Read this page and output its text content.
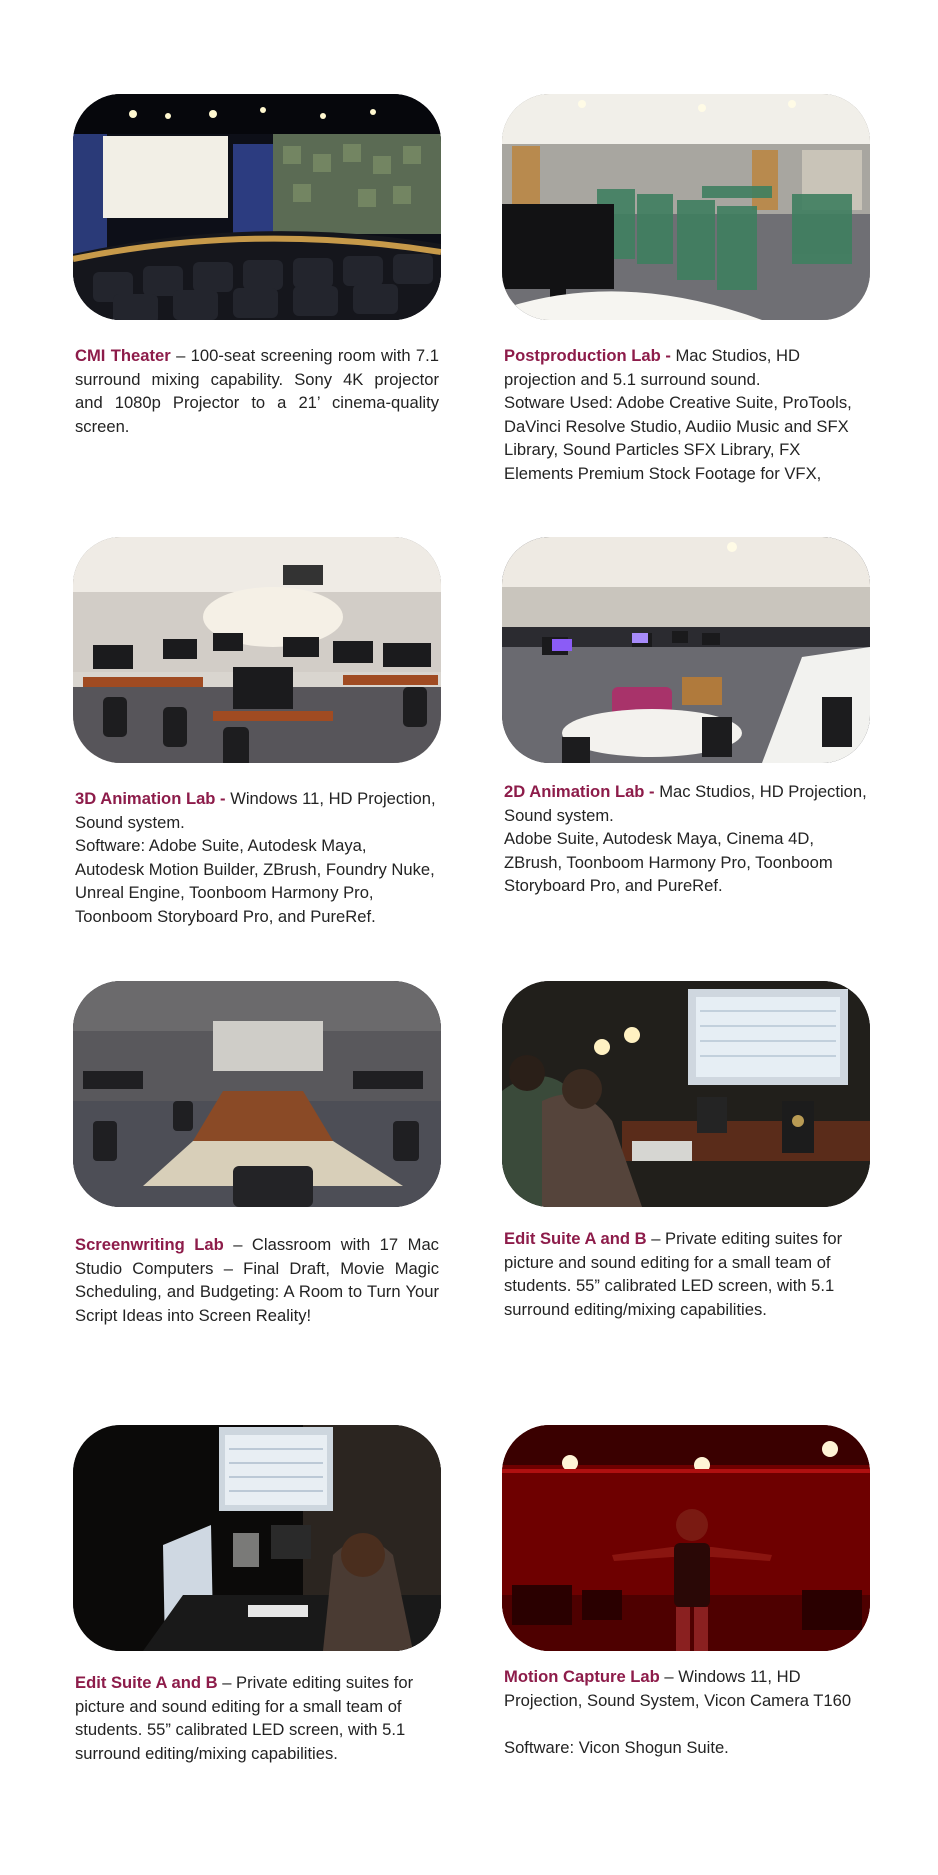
CMI Theater – 100-seat screening room with 7.1 surround mixing capability. Sony 4K projector and 1080p Projector to a 21’ cinema-quality screen.
Postproduction Lab - Mac Studios, HD projection and 5.1 surround sound.
Sotware Used: Adobe Creative Suite, ProTools, DaVinci Resolve Studio, Audiio Music and SFX Library, Sound Particles SFX Library, FX Elements Premium Stock Footage for VFX,
3D Animation Lab - Windows 11, HD Projection, Sound system.
Software: Adobe Suite, Autodesk Maya, Autodesk Motion Builder, ZBrush, Foundry Nuke, Unreal Engine, Toonboom Harmony Pro, Toonboom Storyboard Pro, and PureRef.
2D Animation Lab - Mac Studios, HD Projection, Sound system.
Adobe Suite, Autodesk Maya, Cinema 4D, ZBrush, Toonboom Harmony Pro, Toonboom Storyboard Pro, and PureRef.
Screenwriting Lab – Classroom with 17 Mac Studio Computers – Final Draft, Movie Magic Scheduling, and Budgeting: A Room to Turn Your Script Ideas into Screen Reality!
Edit Suite A and B – Private editing suites for picture and sound editing for a small team of students. 55” calibrated LED screen, with 5.1 surround editing/mixing capabilities.
Edit Suite A and B – Private editing suites for picture and sound editing for a small team of students. 55” calibrated LED screen, with 5.1 surround editing/mixing capabilities.
Motion Capture Lab – Windows 11, HD Projection, Sound System, Vicon Camera T160
Software: Vicon Shogun Suite.
